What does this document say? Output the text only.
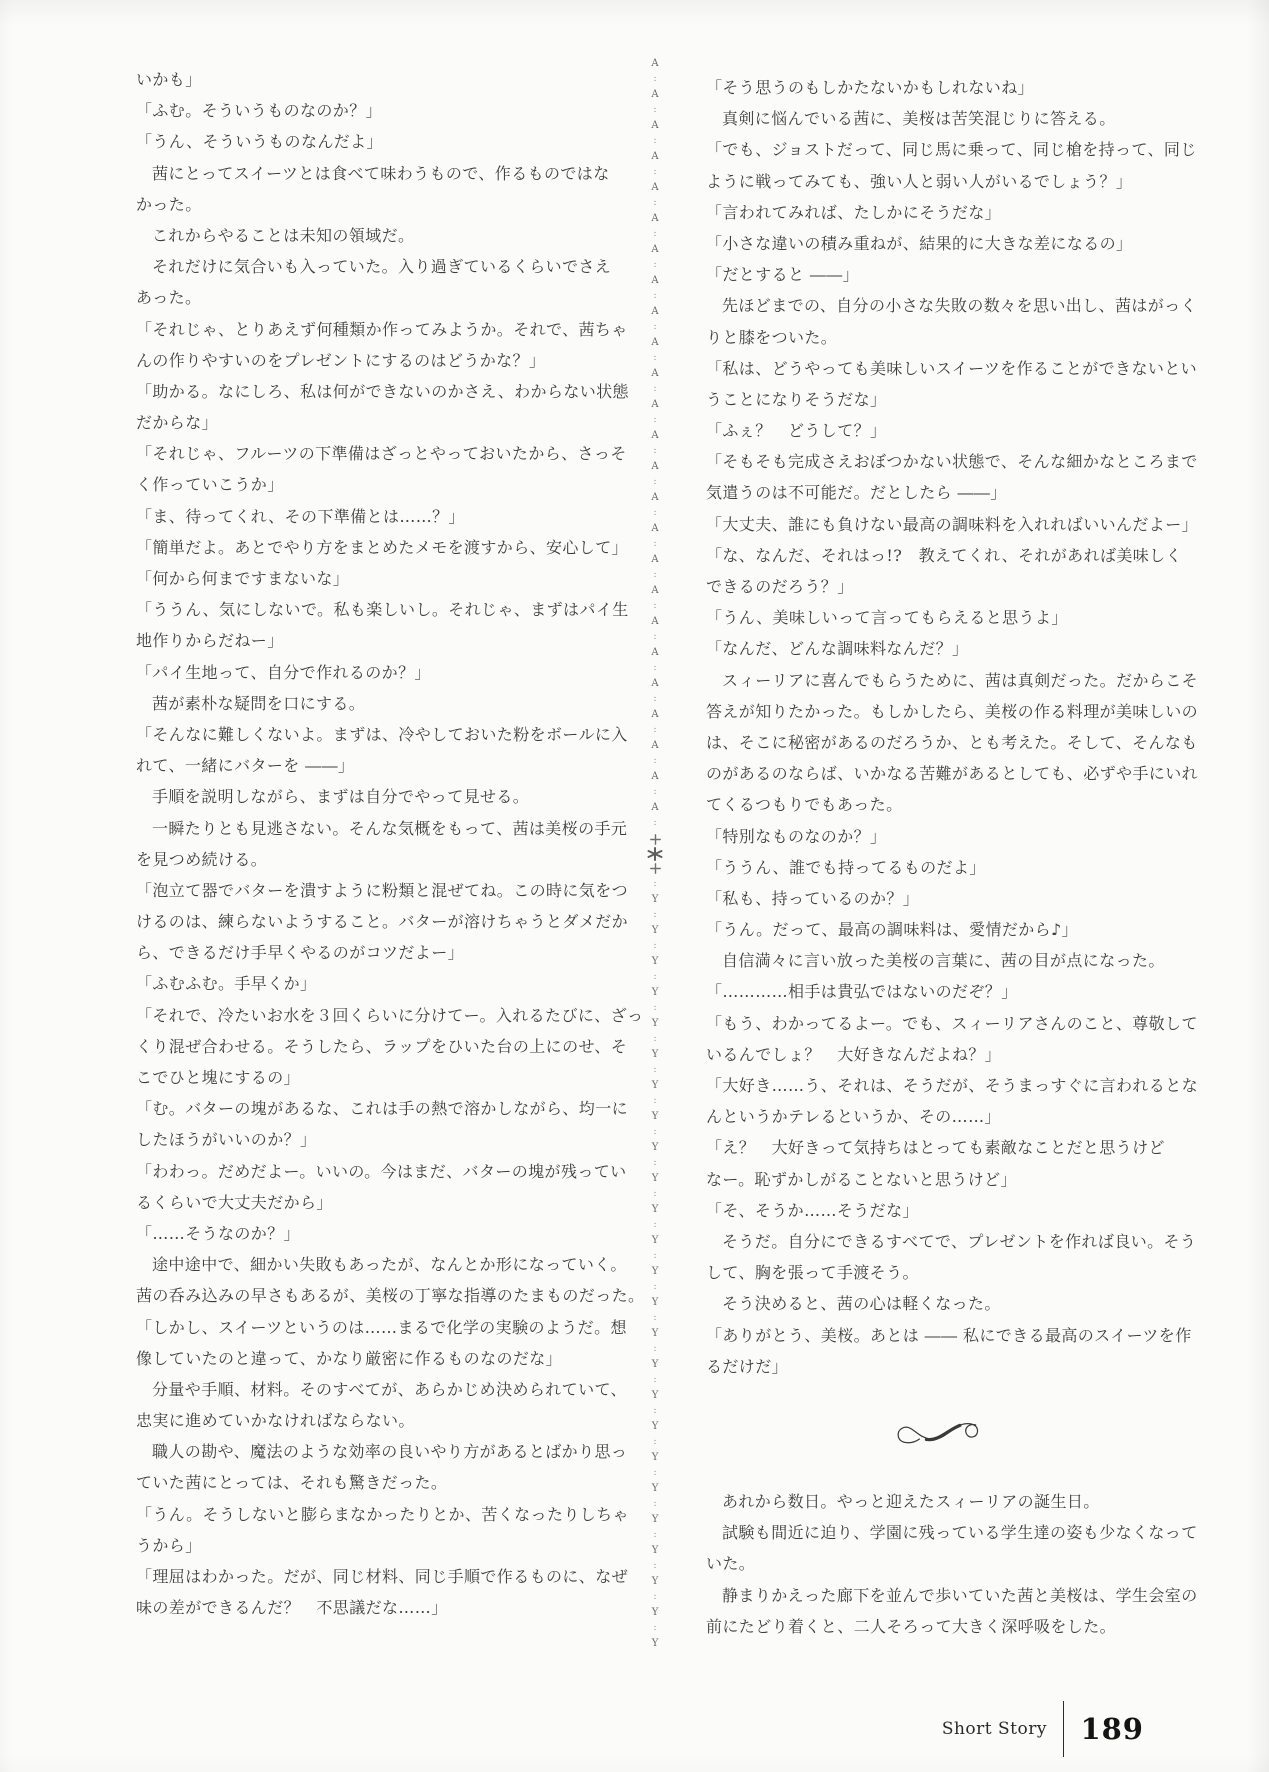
いかも」
「ふむ。そういうものなのか？」
「うん、そういうものなんだよ」
茜にとってスイーツとは食べて味わうもので、作るものではな
かった。
これからやることは未知の領域だ。
それだけに気合いも入っていた。入り過ぎているくらいでさえ
あった。
「それじゃ、とりあえず何種類か作ってみようか。それで、茜ちゃ
んの作りやすいのをプレゼントにするのはどうかな？」
「助かる。なにしろ、私は何ができないのかさえ、わからない状態
だからな」
「それじゃ、フルーツの下準備はざっとやっておいたから、さっそ
く作っていこうか」
「ま、待ってくれ、その下準備とは……？」
「簡単だよ。あとでやり方をまとめたメモを渡すから、安心して」
「何から何まですまないな」
「ううん、気にしないで。私も楽しいし。それじゃ、まずはパイ生
地作りからだねー」
「パイ生地って、自分で作れるのか？」
茜が素朴な疑問を口にする。
「そんなに難しくないよ。まずは、冷やしておいた粉をボールに入
れて、一緒にバターを ――」
手順を説明しながら、まずは自分でやって見せる。
一瞬たりとも見逃さない。そんな気概をもって、茜は美桜の手元
を見つめ続ける。
「泡立て器でバターを潰すように粉類と混ぜてね。この時に気をつ
けるのは、練らないようすること。バターが溶けちゃうとダメだか
ら、できるだけ手早くやるのがコツだよー」
「ふむふむ。手早くか」
「それで、冷たいお水を３回くらいに分けてー。入れるたびに、ざっ
くり混ぜ合わせる。そうしたら、ラップをひいた台の上にのせ、そ
こでひと塊にするの」
「む。バターの塊があるな、これは手の熱で溶かしながら、均一に
したほうがいいのか？」
「わわっ。だめだよー。いいの。今はまだ、バターの塊が残ってい
るくらいで大丈夫だから」
「……そうなのか？」
途中途中で、細かい失敗もあったが、なんとか形になっていく。
茜の呑み込みの早さもあるが、美桜の丁寧な指導のたまものだった。
「しかし、スイーツというのは……まるで化学の実験のようだ。想
像していたのと違って、かなり厳密に作るものなのだな」
分量や手順、材料。そのすべてが、あらかじめ決められていて、
忠実に進めていかなければならない。
職人の勘や、魔法のような効率の良いやり方があるとばかり思っ
ていた茜にとっては、それも驚きだった。
「うん。そうしないと膨らまなかったりとか、苦くなったりしちゃ
うから」
「理屈はわかった。だが、同じ材料、同じ手順で作るものに、なぜ
味の差ができるんだ？　不思議だな……」
A
:
A
:
A
:
A
:
A
:
A
:
A
:
A
:
A
:
A
:
A
:
A
:
A
:
A
:
A
:
A
:
A
:
A
:
A
:
A
:
A
:
A
:
A
:
A
:
A
:
:
Y
:
Y
:
Y
:
Y
:
Y
:
Y
:
Y
:
Y
:
Y
:
Y
:
Y
:
Y
:
Y
:
Y
:
Y
:
Y
:
Y
:
Y
:
Y
:
Y
:
Y
:
Y
:
Y
:
Y
:
Y
「そう思うのもしかたないかもしれないね」
真剣に悩んでいる茜に、美桜は苦笑混じりに答える。
「でも、ジョストだって、同じ馬に乗って、同じ槍を持って、同じ
ように戦ってみても、強い人と弱い人がいるでしょう？」
「言われてみれば、たしかにそうだな」
「小さな違いの積み重ねが、結果的に大きな差になるの」
「だとすると ――」
先ほどまでの、自分の小さな失敗の数々を思い出し、茜はがっく
りと膝をついた。
「私は、どうやっても美味しいスイーツを作ることができないとい
うことになりそうだな」
「ふぇ？　どうして？」
「そもそも完成さえおぼつかない状態で、そんな細かなところまで
気遣うのは不可能だ。だとしたら ――」
「大丈夫、誰にも負けない最高の調味料を入れればいいんだよー」
「な、なんだ、それはっ!?　教えてくれ、それがあれば美味しく
できるのだろう？」
「うん、美味しいって言ってもらえると思うよ」
「なんだ、どんな調味料なんだ？」
スィーリアに喜んでもらうために、茜は真剣だった。だからこそ
答えが知りたかった。もしかしたら、美桜の作る料理が美味しいの
は、そこに秘密があるのだろうか、とも考えた。そして、そんなも
のがあるのならば、いかなる苦難があるとしても、必ずや手にいれ
てくるつもりでもあった。
「特別なものなのか？」
「ううん、誰でも持ってるものだよ」
「私も、持っているのか？」
「うん。だって、最高の調味料は、愛情だから♪」
自信満々に言い放った美桜の言葉に、茜の目が点になった。
「…………相手は貴弘ではないのだぞ？」
「もう、わかってるよー。でも、スィーリアさんのこと、尊敬して
いるんでしょ？　大好きなんだよね？」
「大好き……う、それは、そうだが、そうまっすぐに言われるとな
んというかテレるというか、その……」
「え？　大好きって気持ちはとっても素敵なことだと思うけど
なー。恥ずかしがることないと思うけど」
「そ、そうか……そうだな」
そうだ。自分にできるすべてで、プレゼントを作れば良い。そう
して、胸を張って手渡そう。
そう決めると、茜の心は軽くなった。
「ありがとう、美桜。あとは ―― 私にできる最高のスイーツを作
るだけだ」
あれから数日。やっと迎えたスィーリアの誕生日。
試験も間近に迫り、学園に残っている学生達の姿も少なくなって
いた。
静まりかえった廊下を並んで歩いていた茜と美桜は、学生会室の
前にたどり着くと、二人そろって大きく深呼吸をした。
Short Story 189
